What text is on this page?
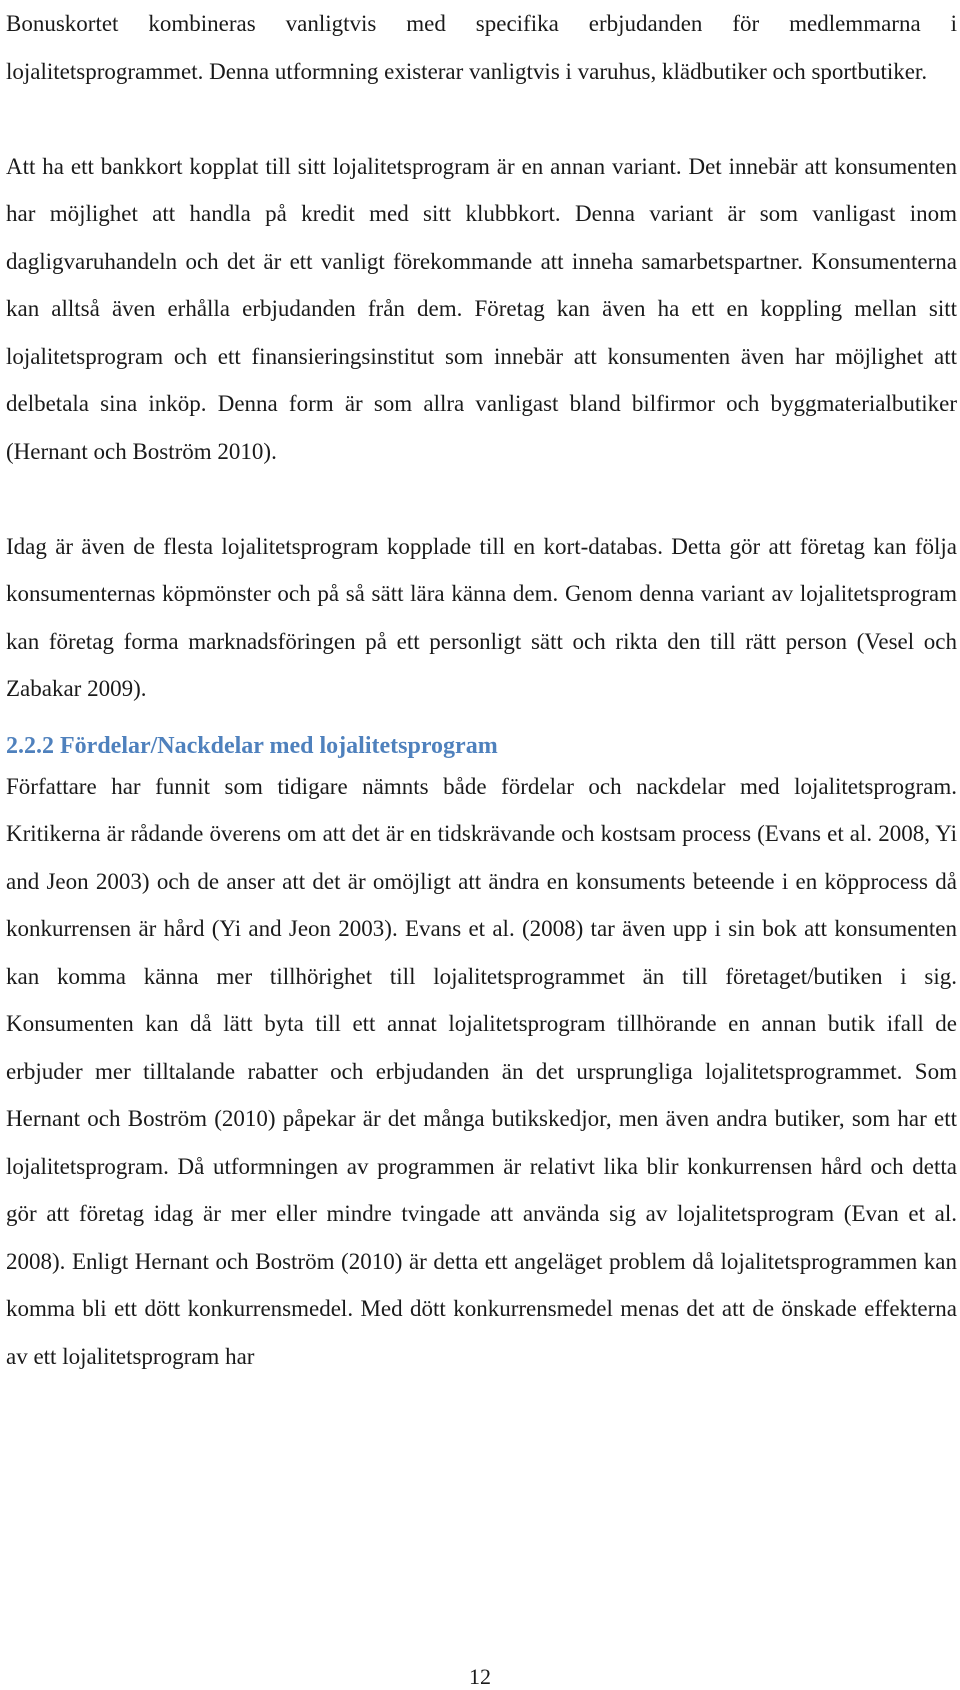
Bonuskortet kombineras vanligtvis med specifika erbjudanden för medlemmarna i lojalitetsprogrammet. Denna utformning existerar vanligtvis i varuhus, klädbutiker och sportbutiker.

Att ha ett bankkort kopplat till sitt lojalitetsprogram är en annan variant. Det innebär att konsumenten har möjlighet att handla på kredit med sitt klubbkort. Denna variant är som vanligast inom dagligvaruhandeln och det är ett vanligt förekommande att inneha samarbetspartner. Konsumenterna kan alltså även erhålla erbjudanden från dem. Företag kan även ha ett en koppling mellan sitt lojalitetsprogram och ett finansieringsinstitut som innebär att konsumenten även har möjlighet att delbetala sina inköp. Denna form är som allra vanligast bland bilfirmor och byggmaterialbutiker (Hernant och Boström 2010).

Idag är även de flesta lojalitetsprogram kopplade till en kort-databas. Detta gör att företag kan följa konsumenternas köpmönster och på så sätt lära känna dem. Genom denna variant av lojalitetsprogram kan företag forma marknadsföringen på ett personligt sätt och rikta den till rätt person (Vesel och Zabakar 2009).

2.2.2 Fördelar/Nackdelar med lojalitetsprogram

Författare har funnit som tidigare nämnts både fördelar och nackdelar med lojalitetsprogram. Kritikerna är rådande överens om att det är en tidskrävande och kostsam process (Evans et al. 2008, Yi and Jeon 2003) och de anser att det är omöjligt att ändra en konsuments beteende i en köpprocess då konkurrensen är hård (Yi and Jeon 2003). Evans et al. (2008) tar även upp i sin bok att konsumenten kan komma känna mer tillhörighet till lojalitetsprogrammet än till företaget/butiken i sig. Konsumenten kan då lätt byta till ett annat lojalitetsprogram tillhörande en annan butik ifall de erbjuder mer tilltalande rabatter och erbjudanden än det ursprungliga lojalitetsprogrammet. Som Hernant och Boström (2010) påpekar är det många butikskedjor, men även andra butiker, som har ett lojalitetsprogram. Då utformningen av programmen är relativt lika blir konkurrensen hård och detta gör att företag idag är mer eller mindre tvingade att använda sig av lojalitetsprogram (Evan et al. 2008). Enligt Hernant och Boström (2010) är detta ett angeläget problem då lojalitetsprogrammen kan komma bli ett dött konkurrensmedel. Med dött konkurrensmedel menas det att de önskade effekterna av ett lojalitetsprogram har

12
